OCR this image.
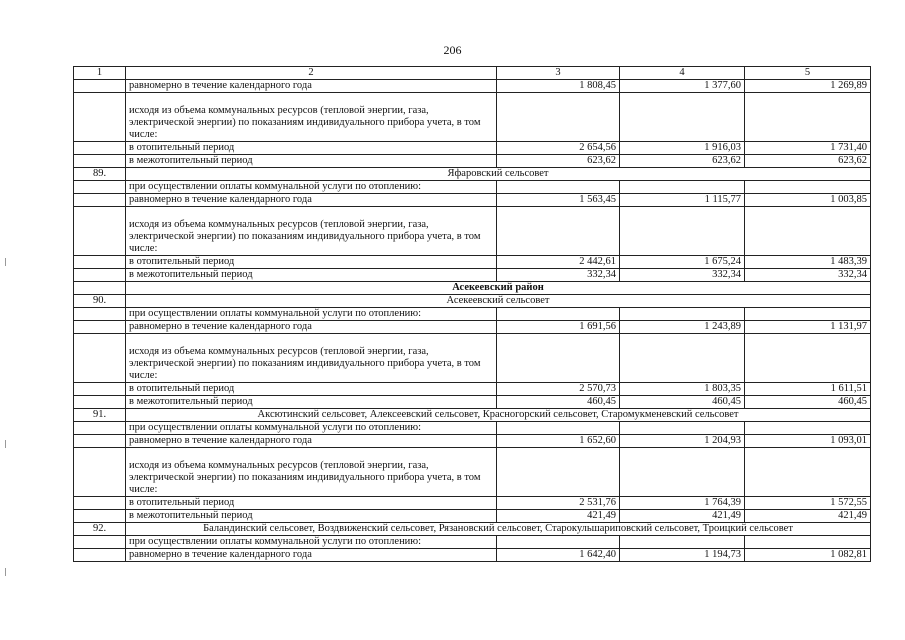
206
1	2	3	4	5
	равномерно в течение календарного года	1 808,45	1 377,60	1 269,89
	исходя из объема коммунальных ресурсов (тепловой энергии, газа, электрической энергии) по показаниям индивидуального прибора учета, в том числе:			
	в отопительный период	2 654,56	1 916,03	1 731,40
	в межотопительный период	623,62	623,62	623,62
89.	Яфаровский сельсовет			
	при осуществлении оплаты коммунальной услуги по отоплению:			
	равномерно в течение календарного года	1 563,45	1 115,77	1 003,85
	исходя из объема коммунальных ресурсов (тепловой энергии, газа, электрической энергии) по показаниям индивидуального прибора учета, в том числе:			
	в отопительный период	2 442,61	1 675,24	1 483,39
	в межотопительный период	332,34	332,34	332,34
	Асекеевский район			
90.	Асекеевский сельсовет			
	при осуществлении оплаты коммунальной услуги по отоплению:			
	равномерно в течение календарного года	1 691,56	1 243,89	1 131,97
	исходя из объема коммунальных ресурсов (тепловой энергии, газа, электрической энергии) по показаниям индивидуального прибора учета, в том числе:			
	в отопительный период	2 570,73	1 803,35	1 611,51
	в межотопительный период	460,45	460,45	460,45
91.	Аксютинский сельсовет, Алексеевский сельсовет, Красногорский сельсовет, Старомукменевский сельсовет			
	при осуществлении оплаты коммунальной услуги по отоплению:			
	равномерно в течение календарного года	1 652,60	1 204,93	1 093,01
	исходя из объема коммунальных ресурсов (тепловой энергии, газа, электрической энергии) по показаниям индивидуального прибора учета, в том числе:			
	в отопительный период	2 531,76	1 764,39	1 572,55
	в межотопительный период	421,49	421,49	421,49
92.	Баландинский сельсовет, Воздвиженский сельсовет, Рязановский сельсовет, Старокульшариповский сельсовет, Троицкий сельсовет			
	при осуществлении оплаты коммунальной услуги по отоплению:			
	равномерно в течение календарного года	1 642,40	1 194,73	1 082,81
